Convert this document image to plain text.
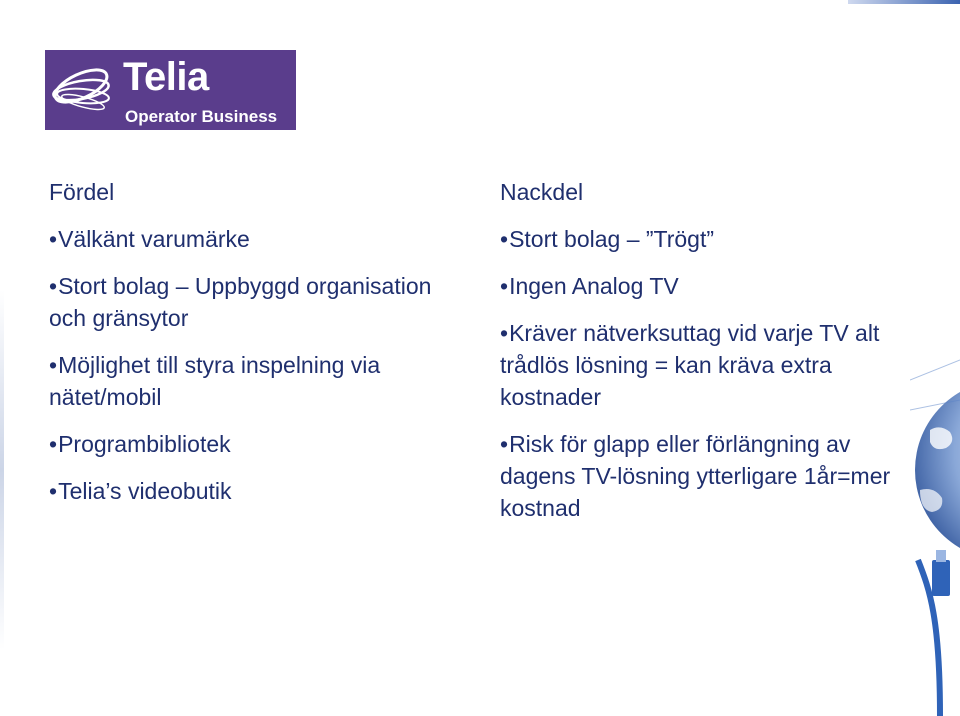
Telia
Operator Business
Fördel
• Välkänt varumärke
• Stort bolag – Uppbyggd organisation och gränsytor
• Möjlighet till styra inspelning via nätet/mobil
• Programbibliotek
• Telia’s videobutik
Nackdel
• Stort bolag – ”Trögt”
• Ingen Analog TV
• Kräver nätverksuttag vid varje TV alt trådlös lösning = kan kräva extra kostnader
• Risk för glapp eller förlängning av dagens TV-lösning ytterligare 1år=mer kostnad
